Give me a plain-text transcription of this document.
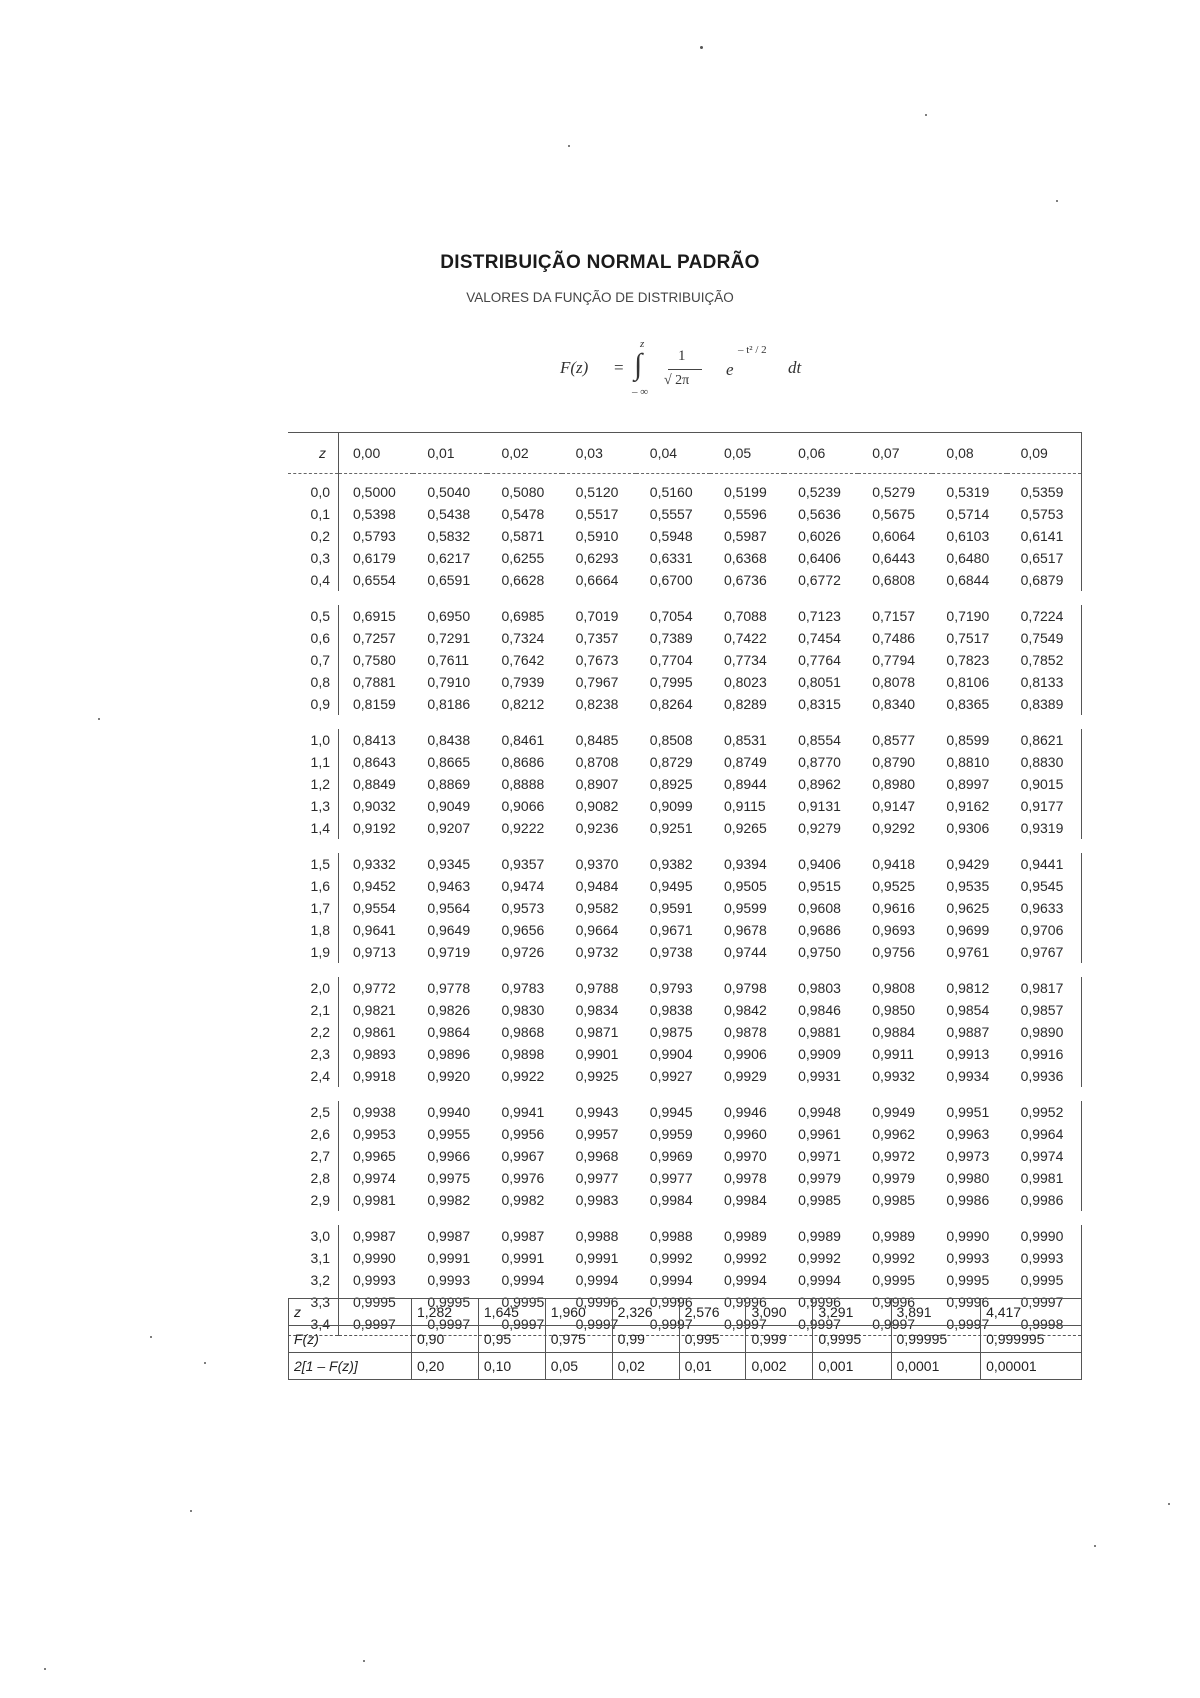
DISTRIBUIÇÃO NORMAL PADRÃO
VALORES DA FUNÇÃO DE DISTRIBUIÇÃO
F(z) =
z
∫
– ∞
1
√ 2π
e
– t² / 2
dt
z	0,00	0,01	0,02	0,03	0,04	0,05	0,06	0,07	0,08	0,09
0,0	0,5000	0,5040	0,5080	0,5120	0,5160	0,5199	0,5239	0,5279	0,5319	0,5359
0,1	0,5398	0,5438	0,5478	0,5517	0,5557	0,5596	0,5636	0,5675	0,5714	0,5753
0,2	0,5793	0,5832	0,5871	0,5910	0,5948	0,5987	0,6026	0,6064	0,6103	0,6141
0,3	0,6179	0,6217	0,6255	0,6293	0,6331	0,6368	0,6406	0,6443	0,6480	0,6517
0,4	0,6554	0,6591	0,6628	0,6664	0,6700	0,6736	0,6772	0,6808	0,6844	0,6879

0,5	0,6915	0,6950	0,6985	0,7019	0,7054	0,7088	0,7123	0,7157	0,7190	0,7224
0,6	0,7257	0,7291	0,7324	0,7357	0,7389	0,7422	0,7454	0,7486	0,7517	0,7549
0,7	0,7580	0,7611	0,7642	0,7673	0,7704	0,7734	0,7764	0,7794	0,7823	0,7852
0,8	0,7881	0,7910	0,7939	0,7967	0,7995	0,8023	0,8051	0,8078	0,8106	0,8133
0,9	0,8159	0,8186	0,8212	0,8238	0,8264	0,8289	0,8315	0,8340	0,8365	0,8389

1,0	0,8413	0,8438	0,8461	0,8485	0,8508	0,8531	0,8554	0,8577	0,8599	0,8621
1,1	0,8643	0,8665	0,8686	0,8708	0,8729	0,8749	0,8770	0,8790	0,8810	0,8830
1,2	0,8849	0,8869	0,8888	0,8907	0,8925	0,8944	0,8962	0,8980	0,8997	0,9015
1,3	0,9032	0,9049	0,9066	0,9082	0,9099	0,9115	0,9131	0,9147	0,9162	0,9177
1,4	0,9192	0,9207	0,9222	0,9236	0,9251	0,9265	0,9279	0,9292	0,9306	0,9319

1,5	0,9332	0,9345	0,9357	0,9370	0,9382	0,9394	0,9406	0,9418	0,9429	0,9441
1,6	0,9452	0,9463	0,9474	0,9484	0,9495	0,9505	0,9515	0,9525	0,9535	0,9545
1,7	0,9554	0,9564	0,9573	0,9582	0,9591	0,9599	0,9608	0,9616	0,9625	0,9633
1,8	0,9641	0,9649	0,9656	0,9664	0,9671	0,9678	0,9686	0,9693	0,9699	0,9706
1,9	0,9713	0,9719	0,9726	0,9732	0,9738	0,9744	0,9750	0,9756	0,9761	0,9767

2,0	0,9772	0,9778	0,9783	0,9788	0,9793	0,9798	0,9803	0,9808	0,9812	0,9817
2,1	0,9821	0,9826	0,9830	0,9834	0,9838	0,9842	0,9846	0,9850	0,9854	0,9857
2,2	0,9861	0,9864	0,9868	0,9871	0,9875	0,9878	0,9881	0,9884	0,9887	0,9890
2,3	0,9893	0,9896	0,9898	0,9901	0,9904	0,9906	0,9909	0,9911	0,9913	0,9916
2,4	0,9918	0,9920	0,9922	0,9925	0,9927	0,9929	0,9931	0,9932	0,9934	0,9936

2,5	0,9938	0,9940	0,9941	0,9943	0,9945	0,9946	0,9948	0,9949	0,9951	0,9952
2,6	0,9953	0,9955	0,9956	0,9957	0,9959	0,9960	0,9961	0,9962	0,9963	0,9964
2,7	0,9965	0,9966	0,9967	0,9968	0,9969	0,9970	0,9971	0,9972	0,9973	0,9974
2,8	0,9974	0,9975	0,9976	0,9977	0,9977	0,9978	0,9979	0,9979	0,9980	0,9981
2,9	0,9981	0,9982	0,9982	0,9983	0,9984	0,9984	0,9985	0,9985	0,9986	0,9986

3,0	0,9987	0,9987	0,9987	0,9988	0,9988	0,9989	0,9989	0,9989	0,9990	0,9990
3,1	0,9990	0,9991	0,9991	0,9991	0,9992	0,9992	0,9992	0,9992	0,9993	0,9993
3,2	0,9993	0,9993	0,9994	0,9994	0,9994	0,9994	0,9994	0,9995	0,9995	0,9995
3,3	0,9995	0,9995	0,9995	0,9996	0,9996	0,9996	0,9996	0,9996	0,9996	0,9997
3,4	0,9997	0,9997	0,9997	0,9997	0,9997	0,9997	0,9997	0,9997	0,9997	0,9998
z	1,282	1,645	1,960	2,326	2,576	3,090	3,291	3,891	4,417
F(z)	0,90	0,95	0,975	0,99	0,995	0,999	0,9995	0,99995	0,999995
2[1 – F(z)]	0,20	0,10	0,05	0,02	0,01	0,002	0,001	0,0001	0,00001
